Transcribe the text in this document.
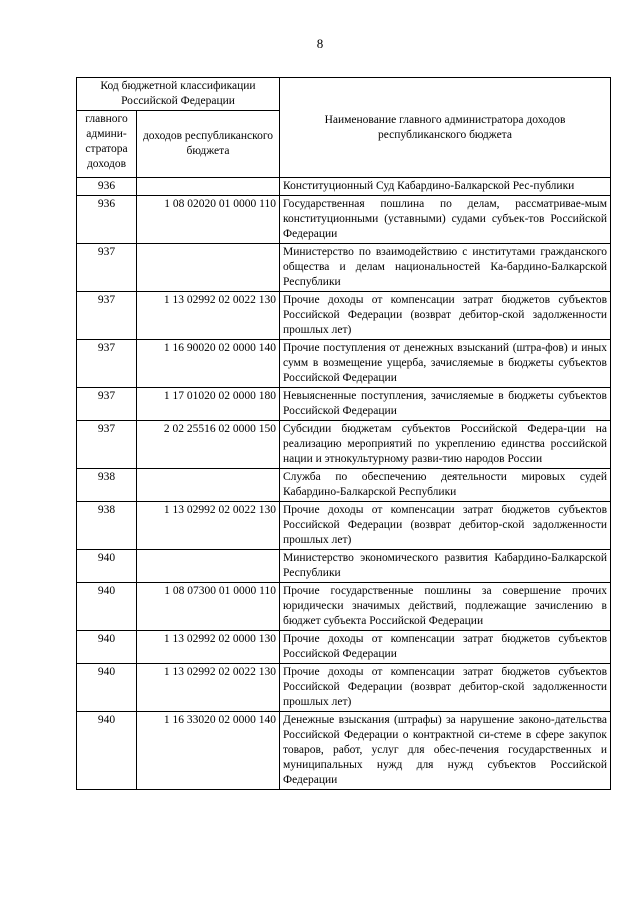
8
Код бюджетной классификации Российской Федерации		Наименование главного администратора доходов республиканского бюджета
главного админи-стратора доходов	доходов республиканского бюджета	
936		Конституционный Суд Кабардино-Балкарской Рес-публики
936	1 08 02020 01 0000 110	Государственная пошлина по делам, рассматривае-мым конституционными (уставными) судами субъек-тов Российской Федерации
937		Министерство по взаимодействию с институтами гражданского общества и делам национальностей Ка-бардино-Балкарской Республики
937	1 13 02992 02 0022 130	Прочие доходы от компенсации затрат бюджетов субъектов Российской Федерации (возврат дебитор-ской задолженности прошлых лет)
937	1 16 90020 02 0000 140	Прочие поступления от денежных взысканий (штра-фов) и иных сумм в возмещение ущерба, зачисляемые в бюджеты субъектов Российской Федерации
937	1 17 01020 02 0000 180	Невыясненные поступления, зачисляемые в бюджеты субъектов Российской Федерации
937	2 02 25516 02 0000 150	Субсидии бюджетам субъектов Российской Федера-ции на реализацию мероприятий по укреплению единства российской нации и этнокультурному разви-тию народов России
938		Служба по обеспечению деятельности мировых судей Кабардино-Балкарской Республики
938	1 13 02992 02 0022 130	Прочие доходы от компенсации затрат бюджетов субъектов Российской Федерации (возврат дебитор-ской задолженности прошлых лет)
940		Министерство экономического развития Кабардино-Балкарской Республики
940	1 08 07300 01 0000 110	Прочие государственные пошлины за совершение прочих юридически значимых действий, подлежащие зачислению в бюджет субъекта Российской Федерации
940	1 13 02992 02 0000 130	Прочие доходы от компенсации затрат бюджетов субъектов Российской Федерации
940	1 13 02992 02 0022 130	Прочие доходы от компенсации затрат бюджетов субъектов Российской Федерации (возврат дебитор-ской задолженности прошлых лет)
940	1 16 33020 02 0000 140	Денежные взыскания (штрафы) за нарушение законо-дательства Российской Федерации о контрактной си-стеме в сфере закупок товаров, работ, услуг для обес-печения государственных и муниципальных нужд для нужд субъектов Российской Федерации
